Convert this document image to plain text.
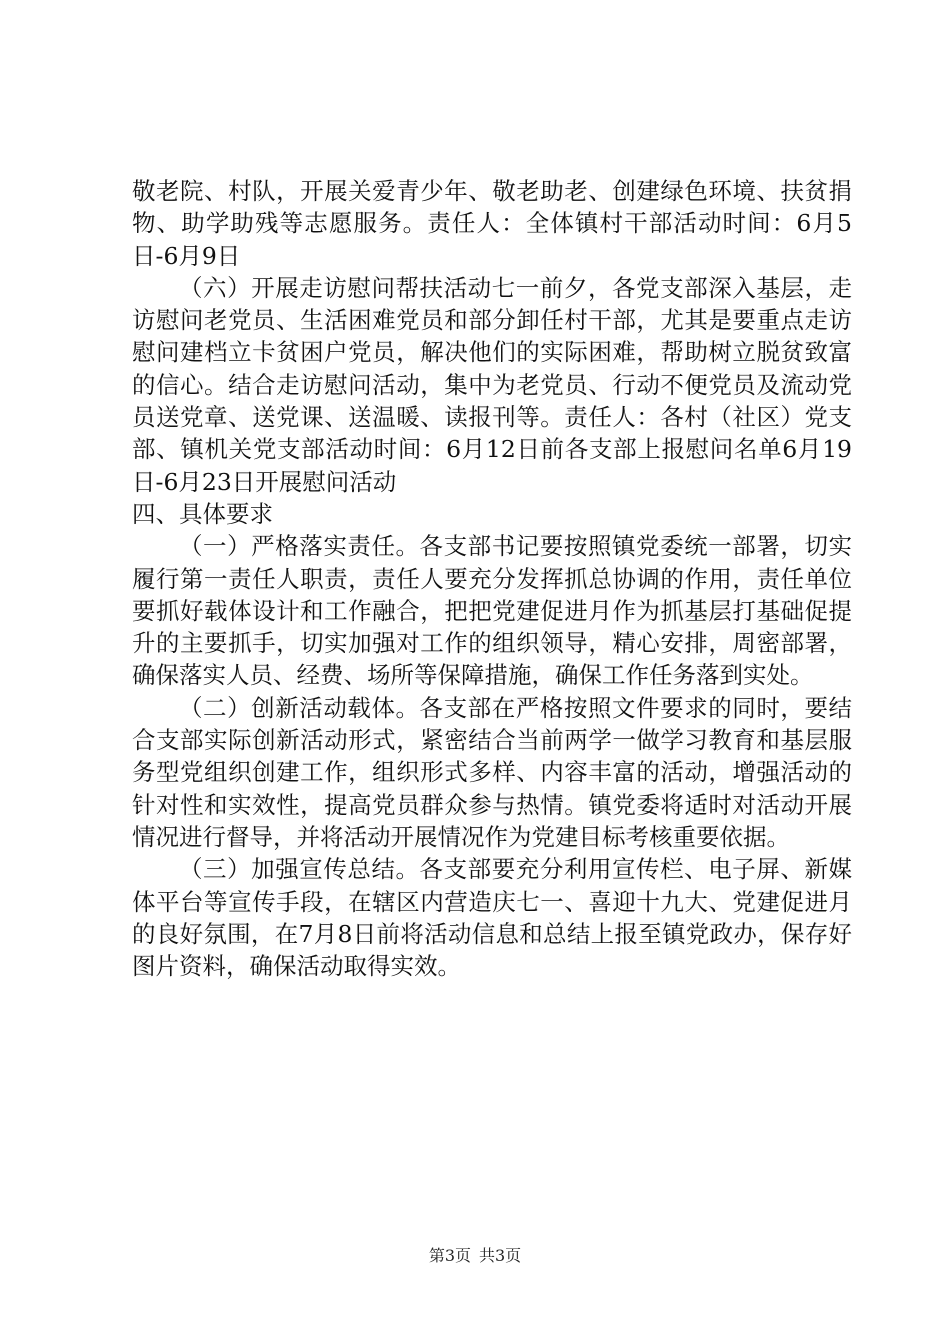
敬老院、村队，开展关爱青少年、敬老助老、创建绿色环境、扶贫捐物、助学助残等志愿服务。责任人：全体镇村干部活动时间：6月5日-6月9日

（六）开展走访慰问帮扶活动七一前夕，各党支部深入基层，走访慰问老党员、生活困难党员和部分卸任村干部，尤其是要重点走访慰问建档立卡贫困户党员，解决他们的实际困难，帮助树立脱贫致富的信心。结合走访慰问活动，集中为老党员、行动不便党员及流动党员送党章、送党课、送温暖、读报刊等。责任人：各村（社区）党支部、镇机关党支部活动时间：6月12日前各支部上报慰问名单6月19日-6月23日开展慰问活动

四、具体要求

（一）严格落实责任。各支部书记要按照镇党委统一部署，切实履行第一责任人职责，责任人要充分发挥抓总协调的作用，责任单位要抓好载体设计和工作融合，把把党建促进月作为抓基层打基础促提升的主要抓手，切实加强对工作的组织领导，精心安排，周密部署，确保落实人员、经费、场所等保障措施，确保工作任务落到实处。

（二）创新活动载体。各支部在严格按照文件要求的同时，要结合支部实际创新活动形式，紧密结合当前两学一做学习教育和基层服务型党组织创建工作，组织形式多样、内容丰富的活动，增强活动的针对性和实效性，提高党员群众参与热情。镇党委将适时对活动开展情况进行督导，并将活动开展情况作为党建目标考核重要依据。

（三）加强宣传总结。各支部要充分利用宣传栏、电子屏、新媒体平台等宣传手段，在辖区内营造庆七一、喜迎十九大、党建促进月的良好氛围，在7月8日前将活动信息和总结上报至镇党政办，保存好图片资料，确保活动取得实效。

第3页 共3页
